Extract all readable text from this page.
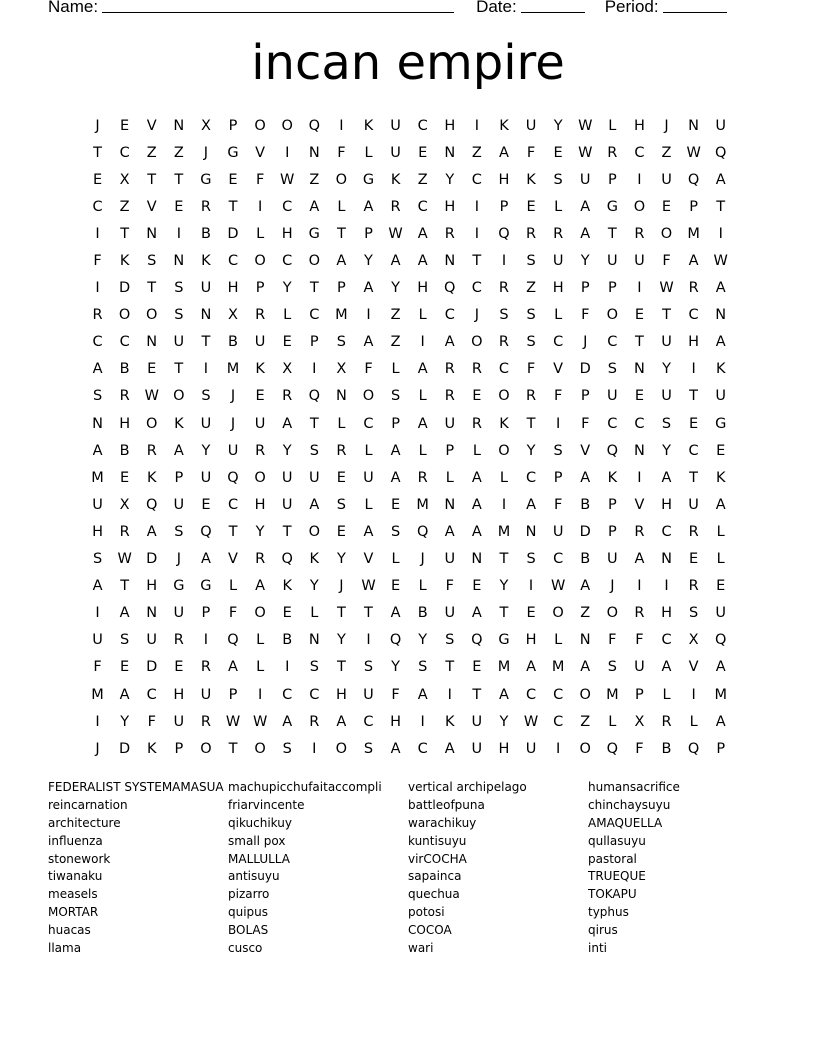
Name:	Date:	Period:
incan empire
J	E	V	N	X	P	O	O	Q	I	K	U	C	H	I	K	U	Y	W	L	H	J	N	U
T	C	Z	Z	J	G	V	I	N	F	L	U	E	N	Z	A	F	E	W	R	C	Z	W Q
E	X	T	T	G	E	F	W	Z	O	G	K	Z	Y	C	H	K	S	U	P	I	U	Q	A
C	Z	V	E	R	T	I	C	A	L	A	R	C	H	I	P	E	L	A	G	O	E	P	T
I	T	N	I	B	D	L	H	G	T	P	W	A	R	I	Q	R	R	A	T	R	O	M	I
F	K	S	N	K	C	O	C	O	A	Y	A	A	N	T	I	S	U	Y	U	U	F	A	W
I	D	T	S	U	H	P	Y	T	P	A	Y	H	Q	C	R	Z	H	P	P	I	W	R	A
R	O	O	S	N	X	R	L	C	M	I	Z	L	C	J	S	S	L	F	O	E	T	C	N
C	C	N	U	T	B	U	E	P	S	A	Z	I	A	O	R	S	C	J	C	T	U	H	A
A	B	E	T	I	M	K	X	I	X	F	L	A	R	R	C	F	V	D	S	N	Y	I	K
S	R	W O	S	J	E	R	Q	N	O	S	L	R	E	O	R	F	P	U	E	U	T	U
N	H	O	K	U	J	U	A	T	L	C	P	A	U	R	K	T	I	F	C	C	S	E	G
A	B	R	A	Y	U	R	Y	S	R	L	A	L	P	L	O	Y	S	V	Q	N	Y	C	E
M	E	K	P	U	Q	O	U	U	E	U	A	R	L	A	L	C	P	A	K	I	A	T	K
U	X	Q	U	E	C	H	U	A	S	L	E	M	N	A	I	A	F	B	P	V	H	U	A
H	R	A	S	Q	T	Y	T	O	E	A	S	Q	A	A	M	N	U	D	P	R	C	R	L
S	W D	J	A	V	R	Q	K	Y	V	L	J	U	N	T	S	C	B	U	A	N	E	L
A	T	H	G	G	L	A	K	Y	J	W	E	L	F	E	Y	I	W	A	J	I	I	R	E
I	A	N	U	P	F	O	E	L	T	T	A	B	U	A	T	E	O	Z	O	R	H	S	U
U	S	U	R	I	Q	L	B	N	Y	I	Q	Y	S	Q	G	H	L	N	F	F	C	X	Q
F	E	D	E	R	A	L	I	S	T	S	Y	S	T	E	M	A	M	A	S	U	A	V	A
M	A	C	H	U	P	I	C	C	H	U	F	A	I	T	A	C	C	O	M	P	L	I	M
I	Y	F	U	R	W W	A	R	A	C	H	I	K	U	Y	W	C	Z	L	X	R	L	A
J	D	K	P	O	T	O	S	I	O	S	A	C	A	U	H	U	I	O	Q	F	B	Q	P
FEDERALIST SYSTEMAMASUA
reincarnation
architecture
influenza
stonework
tiwanaku
measels
MORTAR
huacas
llama
machupicchufaitaccompli
friarvincente
qikuchikuy
small pox
MALLULLA
antisuyu
pizarro
quipus
BOLAS
cusco
vertical archipelago
battleofpuna
warachikuy
kuntisuyu
virCOCHA
sapainca
quechua
potosi
COCOA
wari
humansacrifice
chinchaysuyu
AMAQUELLA
qullasuyu
pastoral
TRUEQUE
TOKAPU
typhus
qirus
inti
